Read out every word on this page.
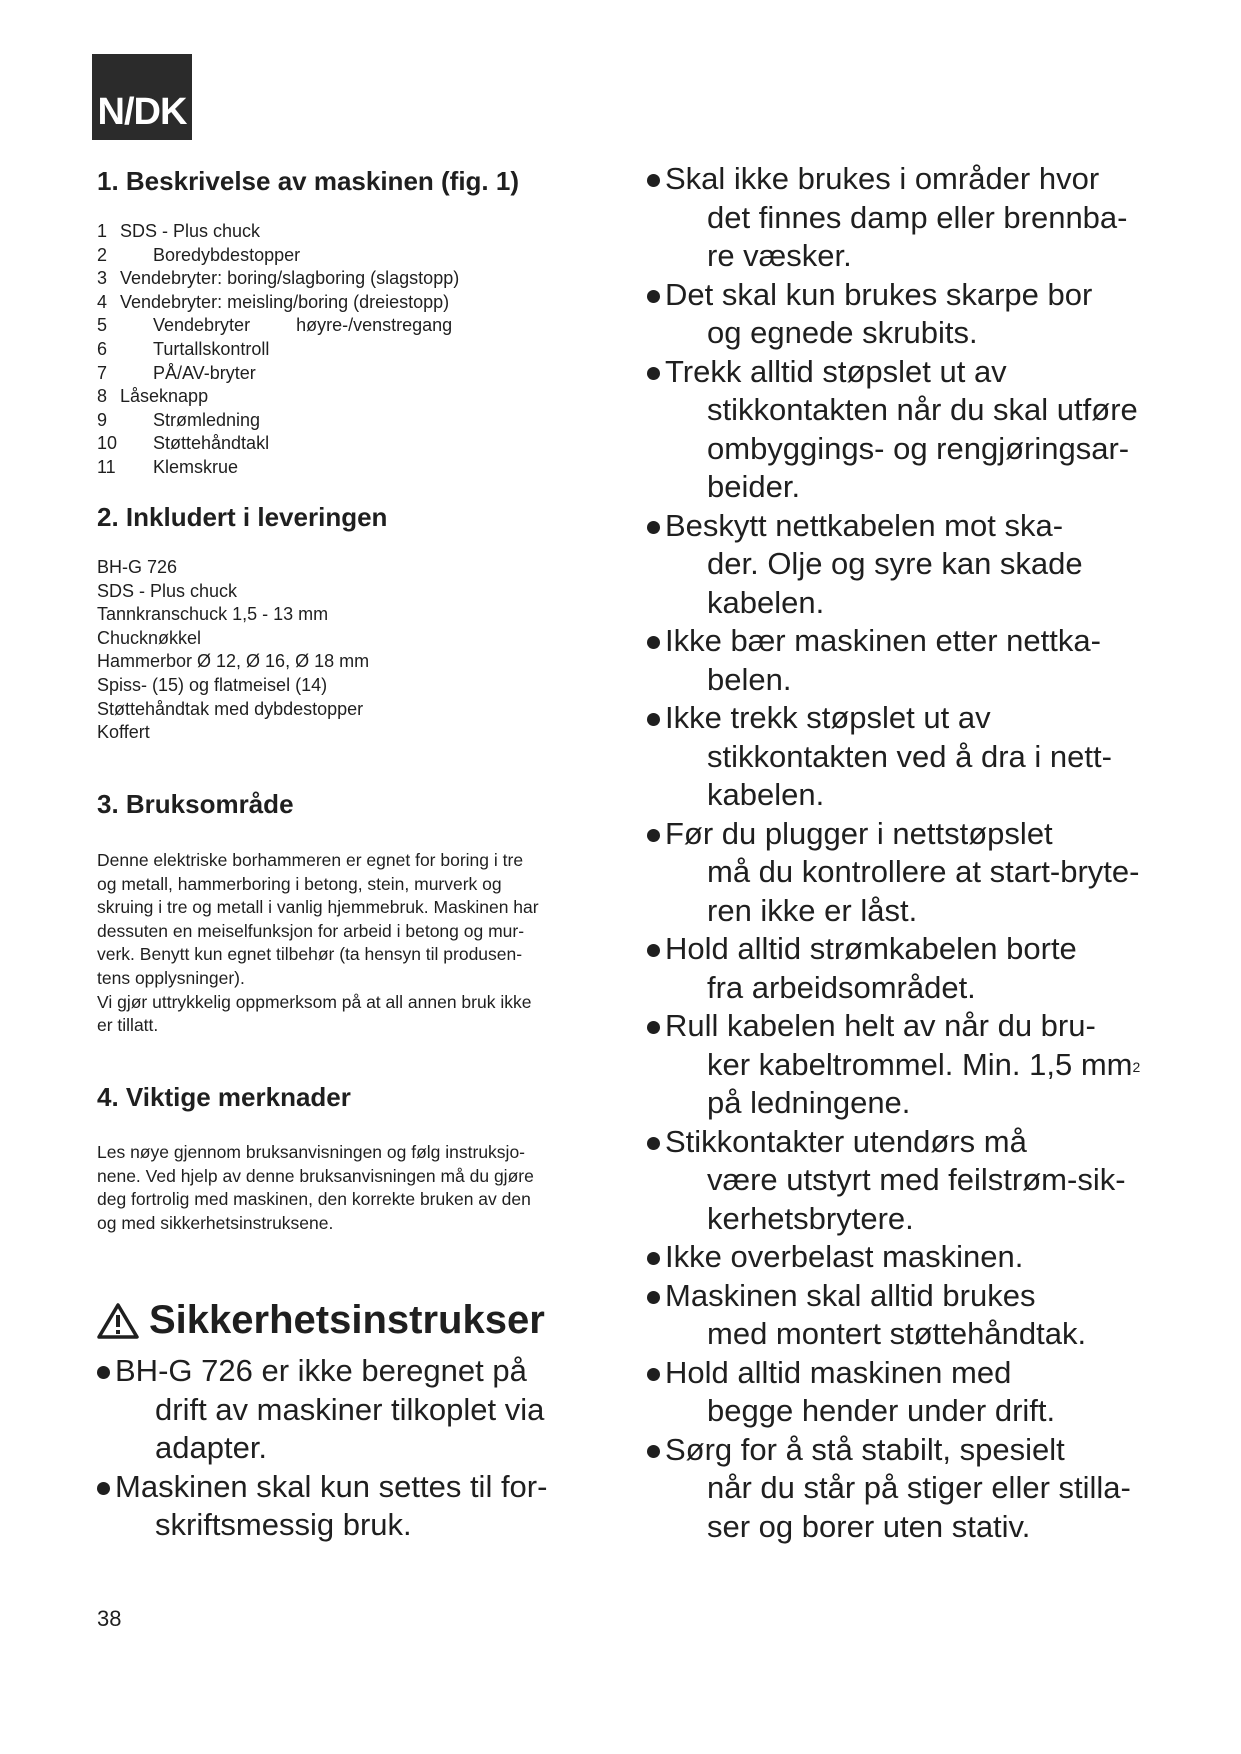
N/DK
1. Beskrivelse av maskinen (fig. 1)
1 SDS - Plus chuck
2	Boredybdestopper
3 Vendebryter: boring/slagboring (slagstopp)
4 Vendebryter: meisling/boring (dreiestopp)
5	Vendebryter	høyre-/venstregang
6	Turtallskontroll
7	PÅ/AV-bryter
8 Låseknapp
9	Strømledning
10	Støttehåndtakl
11	Klemskrue
2. Inkludert i leveringen
BH-G 726
SDS - Plus chuck
Tannkranschuck 1,5 - 13 mm
Chucknøkkel
Hammerbor Ø 12, Ø 16, Ø 18 mm
Spiss- (15) og flatmeisel (14)
Støttehåndtak med dybdestopper
Koffert
3. Bruksområde
Denne elektriske borhammeren er egnet for boring i tre
og metall, hammerboring i betong, stein, murverk og
skruing i tre og metall i vanlig hjemmebruk. Maskinen har
dessuten en meiselfunksjon for arbeid i betong og mur-
verk. Benytt kun egnet tilbehør (ta hensyn til produsen-
tens opplysninger).
Vi gjør uttrykkelig oppmerksom på at all annen bruk ikke
er tillatt.
4. Viktige merknader
Les nøye gjennom bruksanvisningen og følg instruksjo-
nene. Ved hjelp av denne bruksanvisningen må du gjøre
deg fortrolig med maskinen, den korrekte bruken av den
og med sikkerhetsinstruksene.
Sikkerhetsinstrukser
BH-G 726 er ikke beregnet på
drift av maskiner tilkoplet via
adapter.
Maskinen skal kun settes til for-
skriftsmessig bruk.
Skal ikke brukes i områder hvor
det finnes damp eller brennba-
re væsker.
Det skal kun brukes skarpe bor
og egnede skrubits.
Trekk alltid støpslet ut av
stikkontakten når du skal utføre
ombyggings- og rengjøringsar-
beider.
Beskytt nettkabelen mot ska-
der. Olje og syre kan skade
kabelen.
Ikke bær maskinen etter nettka-
belen.
Ikke trekk støpslet ut av
stikkontakten ved å dra i nett-
kabelen.
Før du plugger i nettstøpslet
må du kontrollere at start-bryte-
ren ikke er låst.
Hold alltid strømkabelen borte
fra arbeidsområdet.
Rull kabelen helt av når du bru-
ker kabeltrommel. Min. 1,5 $mm^2$
på ledningene.
Stikkontakter utendørs må
være utstyrt med feilstrøm-sik-
kerhetsbrytere.
Ikke overbelast maskinen.
Maskinen skal alltid brukes
med montert støttehåndtak.
Hold alltid maskinen med
begge hender under drift.
Sørg for å stå stabilt, spesielt
når du står på stiger eller stilla-
ser og borer uten stativ.
38
